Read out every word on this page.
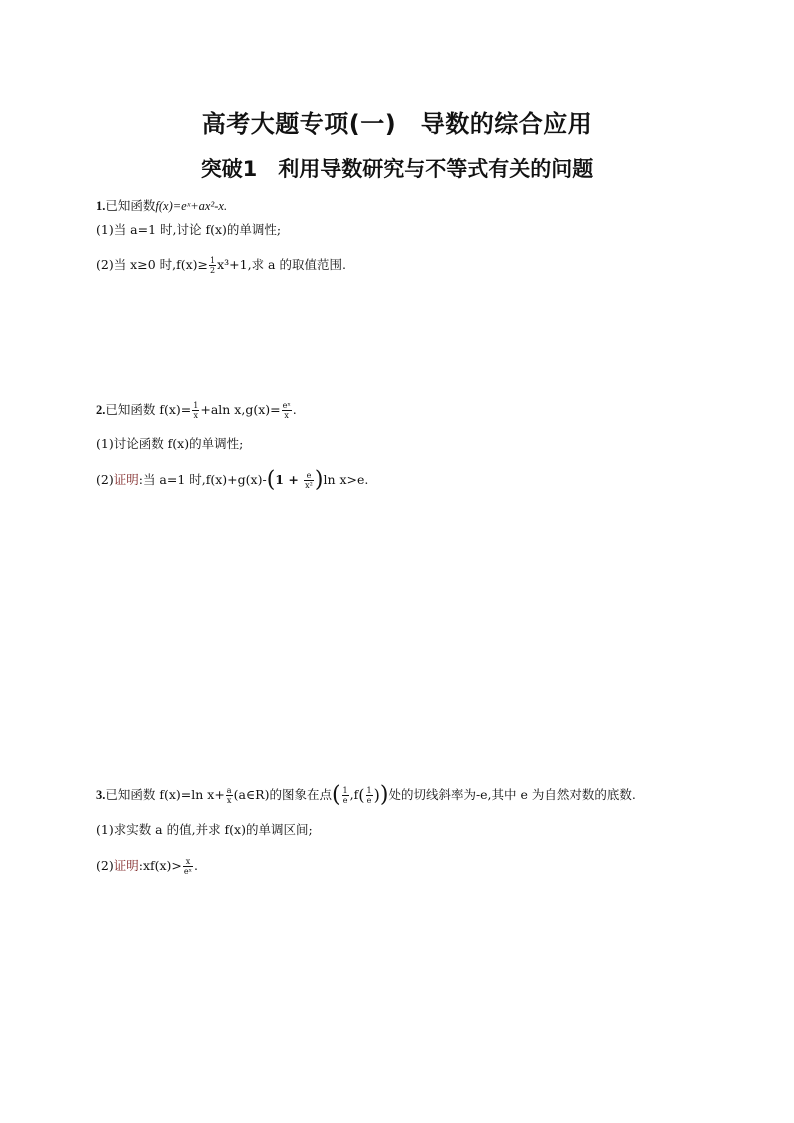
高考大题专项(一)　导数的综合应用
突破1　利用导数研究与不等式有关的问题
1.已知函数f(x)=eˣ+ax²-x.
(1)当 a=1 时,讨论 f(x)的单调性;
(2)当 x≥0 时$,f(x)\ge \frac{1}{2} x^3+1$,求 a 的取值范围.
2.已知函数 $f(x)= \frac{1}{x} +aln$ $x,g(x)= \frac{\text{eˣ}}{x}$ .
(1)讨论函数 f(x)的单调性;
(2)证明:当 a=1 时$,f(x)+g(x)-(1 + \frac{e}{\text{x²}} )\ln$ x>e.
3.已知函数 f(x)=ln $x+ \frac{a}{x}$ (a∈R)的图象在点( $\frac{1}{e} ,f( \frac{1}{e}$ ))处的切线斜率为-e,其中 e 为自然对数的底数.
(1)求实数 a 的值,并求 f(x)的单调区间;
(2)证明:xf(x)> $\frac{x}{\text{eˣ}}$ .
